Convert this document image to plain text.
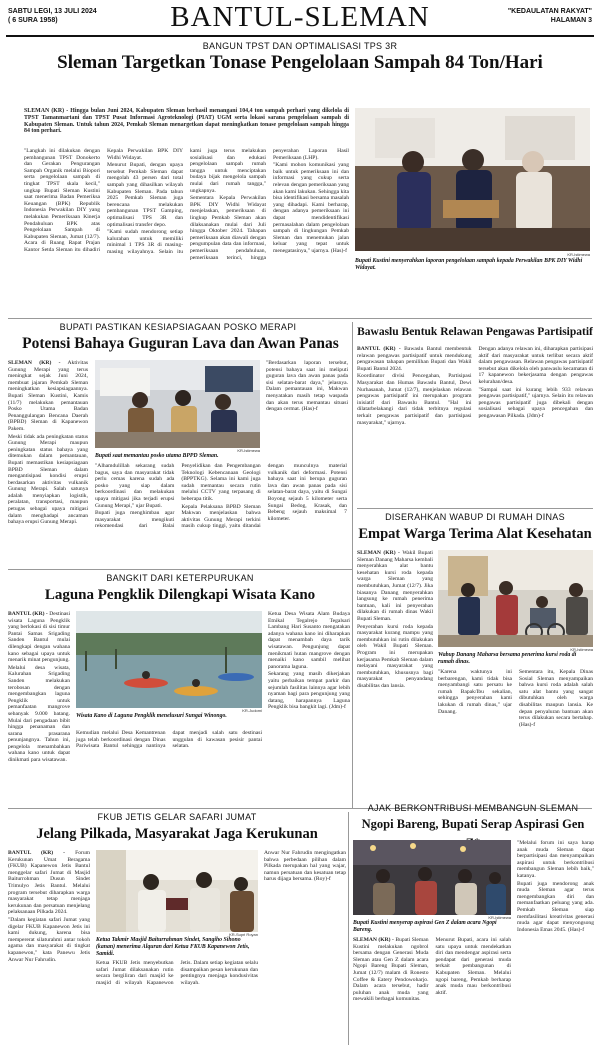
SABTU LEGI, 13 JULI 2024
( 6 SURA 1958)	BANTUL-SLEMAN	"KEDAULATAN RAKYAT"
HALAMAN 3
BANGUN TPST DAN OPTIMALISASI TPS 3R
Sleman Targetkan Tonase Pengelolaan Sampah 84 Ton/Hari
SLEMAN (KR) - Hingga bulan Juni 2024, Kabupaten Sleman berhasil menangani 104,4 ton sampah perhari yang dikelola di TPST Tamanmartani dan TPST Pusat Informasi Agroteknologi (PIAT) UGM serta lokasi sarana pengelolaan sampah di Kabupaten Sleman. Untuk tahun 2024, Pemkab Sleman menargetkan dapat meningkatkan tonase pengelolaan sampah hingga 84 ton perhari.

"Langkah ini dilakukan dengan pembangunan TPST Donokerto dan Gerakan Pengurangan Sampah Organik melalui Biopori serta pengelolaan sampah di tingkat TPST skala kecil," ungkap Bupati Sleman Kustini saat menerima Badan Pemeriksa Keuangan (BPK) Republik Indonesia Perwakilan DIY yang melakukan Pemeriksaan Kinerja Pendahuluan BPK atas Pengelolaan Sampah di Kabupaten Sleman, Jumat (12/7). Acara di Ruang Rapat Prajan Kantor Setda Sleman itu dihadiri Kepala Perwakilan BPK DIY Widhi Widayat.

Menurut Bupati, dengan upaya tersebut Pemkab Sleman dapat mengolah 43 persen dari total sampah yang dihasilkan wilayah Kabupaten Sleman. Pada tahun 2025 Pemkab Sleman juga berencana melakukan pembangunan TPST Gamping, optimalisasi TPS 3R dan optimalisasi transfer depo.

"Kami sudah mendorong setiap kalurahan untuk memiliki minimal 1 TPS 3R di masing-masing wilayahnya. Selain itu kami juga terus melakukan sosialisasi dan edukasi pengelolaan sampah rumah tangga untuk menciptakan budaya bijak mengelola sampah mulai dari rumah tangga," ungkapnya.

Sementara Kepala Perwakilan BPK DIY Widhi Widayat menjelaskan, pemeriksaan di lingkup Pemkab Sleman akan dilaksanakan mulai dari Juli hingga Oktober 2024. Tahapan pemeriksaan akan diawali dengan pengumpulan data dan informasi, pemeriksaan pendahuluan, pemeriksaan terinci, hingga penyerahan Laporan Hasil Pemeriksaan (LHP).

"Kami mohon komunikasi yang baik untuk pemeriksaan ini dan informasi yang cukup serta relevan dengan pemeriksaan yang akan kami lakukan. Sehingga kita bisa identifikasi bersama masalah yang dihadapi. Kami berharap, dengan adanya pemeriksaan ini dapat mendidentifikasi permasalahan dalam pengelolaan sampah di lingkungan Pemkab Sleman dan menemukan jalan keluar yang tepat untuk menegatasinya," ujarnya. (Has)-f

KR-Istimewa
Bupati Kustini menyerahkan laporan pengelolaan sampah kepada Perwakilan BPK DIY Widhi Widayat.
BUPATI PASTIKAN KESIAPSIAGAAN POSKO MERAPI
Potensi Bahaya Guguran Lava dan Awan Panas

SLEMAN (KR) - Aktivitas Gunung Merapi yang terus meningkat sejak Juni 2024, membuat jajaran Pemkab Sleman meningkatkan kesiapsiagaannya. Bupati Sleman Kustini, Kamis (11/7) melakukan pemantauan Posko Utama Badan Penanggulangan Bencana Daerah (BPBD) Sleman di Kapanewon Pakem.

Meski tidak ada peningkatan status Gunung Merapi maupun peningkatan status bahaya yang ditemukan dalam pemantauan, Bupati memastikan kesiapsiagaan BPBD Sleman dalam mengantisipasi kondisi erupsi berdasarkan aktivitas vulkanik Gunung Merapi. Salah satunya adalah menyiapkan logistik, peralatan, transportasi, maupun petugas sebagai upaya mitigasi dalam menghadapi ancaman bahaya erupsi Gunung Merapi.

KR-Istimewa
Bupati saat memantau posko utama BPPD Sleman.

"Alhamdulillah sekarang sudah bagus, saya dan masyarakat tidak perlu cemas karena sudah ada posko yang siap dalam berkoordinasi dan melakukan upaya mitigasi jika terjadi erupsi Gunung Merapi," ujar Bupati.

Bupati juga menghimbau agar masyarakat mengikuti rekomendasi dari Balai Penyelidikan dan Pengembangan Teknologi Kebencanaan Geologi (BPPTKG). Selama ini kami juga sudah memantau secara rutin melalui CCTV yang terpasang di beberapa titik.

Kepala Pelaksana BPBD Sleman Makwan menjelaskan bahwa aktivitas Gunung Merapi terkini masih cukup tinggi, yaitu ditandai dengan munculnya material vulkanik dari deformasi. Potensi bahaya saat ini berupa guguran lava dan awan panas pada sisi selatan-barat daya, yaitu di Sungai Boyong sejauh 5 kilometer serta Sungai Bedog, Krasak, dan Bebeng sejauh maksimal 7 kilometer.

"Berdasarkan laporan tersebut, potensi bahaya saat ini meliputi guguran lava dan awan panas pada sisi selatan-barat daya," jelasnya. Dalam pemantauan ini, Makwan menyatakan masih tetap waspada dan akan terus memantau situasi dengan cermat. (Has)-f

Bawaslu Bentuk Relawan Pengawas Partisipatif

BANTUL (KR) - Bawaslu Bantul membentuk relawan pengawas partisipatif untuk mendukung pengawasan tahapan pemilihan Bupati dan Wakil Bupati Bantul 2024.

Koordinator divisi Pencegahan, Partisipasi Masyarakat dan Humas Bawaslu Bantul, Dewi Nurhasanah, Jumat (12/7), menjelaskan relawan pengawas partisipatif ini merupakan program inisiatif dari Bawaslu Bantul. "Hal ini dilatarbelakangi dari tidak terbitnya regulasi terkait pengawas partisipatif dan partisipasi masyarakat," ujarnya.

Dengan adanya relawan ini, diharapkan partisipasi aktif dari masyarakat untuk terlibat secara aktif dalam pengawasan. Relawan pengawas partisipatif tersebut akan dikelola oleh panwaslu kecamatan di 17 kapanewon bekerjasama dengan pengawas kelurahan/desa.

"Sampai saat ini kurang lebih 933 relawan pengawas partisipatif," ujarnya. Selain itu relawan pengawas partisipatif juga dibekali dengan sosialisasi sebagai upaya pencegahan dan pengawasan Pilkada. (Jdm)-f

DISERAHKAN WABUP DI RUMAH DINAS
Empat Warga Terima Alat Kesehatan

SLEMAN (KR) - Wakil Bupati Sleman Danang Maharsa kembali menyerahkan alat bantu kesehatan kursi roda kepada warga Sleman yang membutuhkan, Jumat (12/7). Jika biasanya Danang menyerahkan langsung ke rumah penerima bantuan, kali ini penyerahan dilakukan di rumah dinas Wakil Bupati Sleman.

Penyerahan kursi roda kepada masyarakat kurang mampu yang membutuhkan ini rutin dilakukan oleh Wakil Bupati Sleman. Program ini merupakan kerjasama Pemkab Sleman dalam melayani masyarakat yang membutuhkan, khususnya bagi masyarakat penyandang disabilitas dan lansia.

KR-Istimewa
Wabup Danang Maharsa bersama penerima kursi roda di rumah dinas.

"Karena waktunya ini berbarengan, kami tidak bisa menyambangi satu persatu ke rumah Bapak/Ibu sekalian, sehingga penyerahan kami lakukan di rumah dinas," ujar Danang.

Sementara itu, Kepala Dinas Sosial Sleman menyampaikan bahwa kursi roda adalah salah satu alat bantu yang sangat dibutuhkan oleh warga disabilitas maupun lansia. Ke depan penyaluran bantuan akan terus dilakukan secara bertahap. (Has)-f

BANGKIT DARI KETERPURUKAN
Laguna Pengklik Dilengkapi Wisata Kano

BANTUL (KR) - Destinasi wisata Laguna Pengklik yang berlokasi di sisi timur Pantai Samas Srigading Sanden Bantul mulai dilengkapi dengan wahana kano sebagai upaya untuk menarik minat pengunjung.

Melalui desa wisata, Kalurahan Srigading Sanden melakukan terobosan dengan mengembangkan laguna Pengklik untuk pemanfaatan mangrove sebanyak 9.000 batang. Mulai dari pengadaan bibit hingga penanaman dan sarana prasarana penunjangnya. Tahun ini, pengelola menambahkan wahana kano untuk dapat dinikmati para wisatawan.

KR-Judomi
Wisata Kano di Laguna Pengklik menelusuri Sungai Winongo.

Kemudian melalui Desa Kemantrenan juga telah berkoordinasi dengan Dinas Pariwisata Bantul sehingga nantinya dapat menjadi salah satu destinasi unggulan di kawasan pesisir pantai selatan.

Ketua Desa Wisata Alam Budaya Etnikal Tegalrejo Tegalsari Lambang Hari Susanto mengatakan adanya wahana kano ini diharapkan dapat menambah daya tarik wisatawan. Pengunjung dapat menikmati hutan mangrove dengan menaiki kano sambil melihat panorama laguna.

Sekarang yang masih dikerjakan yaitu perbaikan tempat parkir dan sejumlah fasilitas lainnya agar lebih nyaman bagi para pengunjung yang datang, harapannya Laguna Pengklik bisa bangkit lagi. (Jdm)-f

FKUB JETIS GELAR SAFARI JUMAT
Jelang Pilkada, Masyarakat Jaga Kerukunan

BANTUL (KR) - Forum Kerukunan Umat Beragama (FKUB) Kapanewon Jetis Bantul menggelar safari Jumat di Masjid Baiturrohman Dusun Sindet Trimulyo Jetis Bantul. Melalui program tersebut diharapkan warga masyarakat tetap menjaga kerukunan dan persatuan menjelang pelaksanaan Pilkada 2024.

"Dalam kegiatan safari Jumat yang digelar FKUB Kapanewon Jetis ini kami dukung, karena bisa mempererat silaturahmi antar tokoh agama dan masyarakat di tingkat kapanewon," kata Panewu Jetis Anwar Nur Fahrudin.

KR-Supri Royan
Ketua Takmir Masjid Baiturrahman Sindet, Sangiho Sihono (kanan) menerima Alquran dari Ketua FKUB Kapanewon Jetis, Samidi.

Ketua FKUB Jetis menyebutkan safari Jumat dilaksanakan rutin secara bergiliran dari masjid ke masjid di wilayah Kapanewon Jetis. Dalam setiap kegiatan selalu disampaikan pesan kerukunan dan pentingnya menjaga kondusivitas wilayah.

Anwar Nur Fahrudin mengingatkan bahwa perbedaan pilihan dalam Pilkada merupakan hal yang wajar, namun persatuan dan kesatuan tetap harus dijaga bersama. (Roy)-f

AJAK BERKONTRIBUSI MEMBANGUN SLEMAN
Ngopi Bareng, Bupati Serap Aspirasi Gen
KR-Istimewa
Bupati Kustini menyerap aspirasi Gen Z dalam acara Ngopi Bareng.

SLEMAN (KR) - Bupati Sleman Kustini melakukan ngobrol bersama dengan Generasi Muda Sleman atau Gen Z dalam acara Ngopi Bareng Bupati Sleman, Jumat (12/7) malam di Ronesto Coffee & Eatery Pendowoharjo. Dalam acara tersebut, hadir puluhan anak muda yang mewakili berbagai komunitas.

Menurut Bupati, acara ini salah satu upaya untuk mendekatkan diri dan mendengar aspirasi serta pendapat dari generasi muda terkait pembangunan di Kabupaten Sleman. Melalui ngopi bareng, Pemkab berharap anak muda mau berkontribusi aktif.

"Melalui forum ini saya harap anak muda Sleman dapat berpartisipasi dan menyampaikan aspirasi untuk berkontribusi membangun Sleman lebih baik," katanya.

Bupati juga mendorong anak muda Sleman agar terus mengembangkan diri dan memanfaatkan peluang yang ada. Pemkab Sleman siap memfasilitasi kreativitas generasi muda agar dapat menyongsong Indonesia Emas 2045. (Has)-f
